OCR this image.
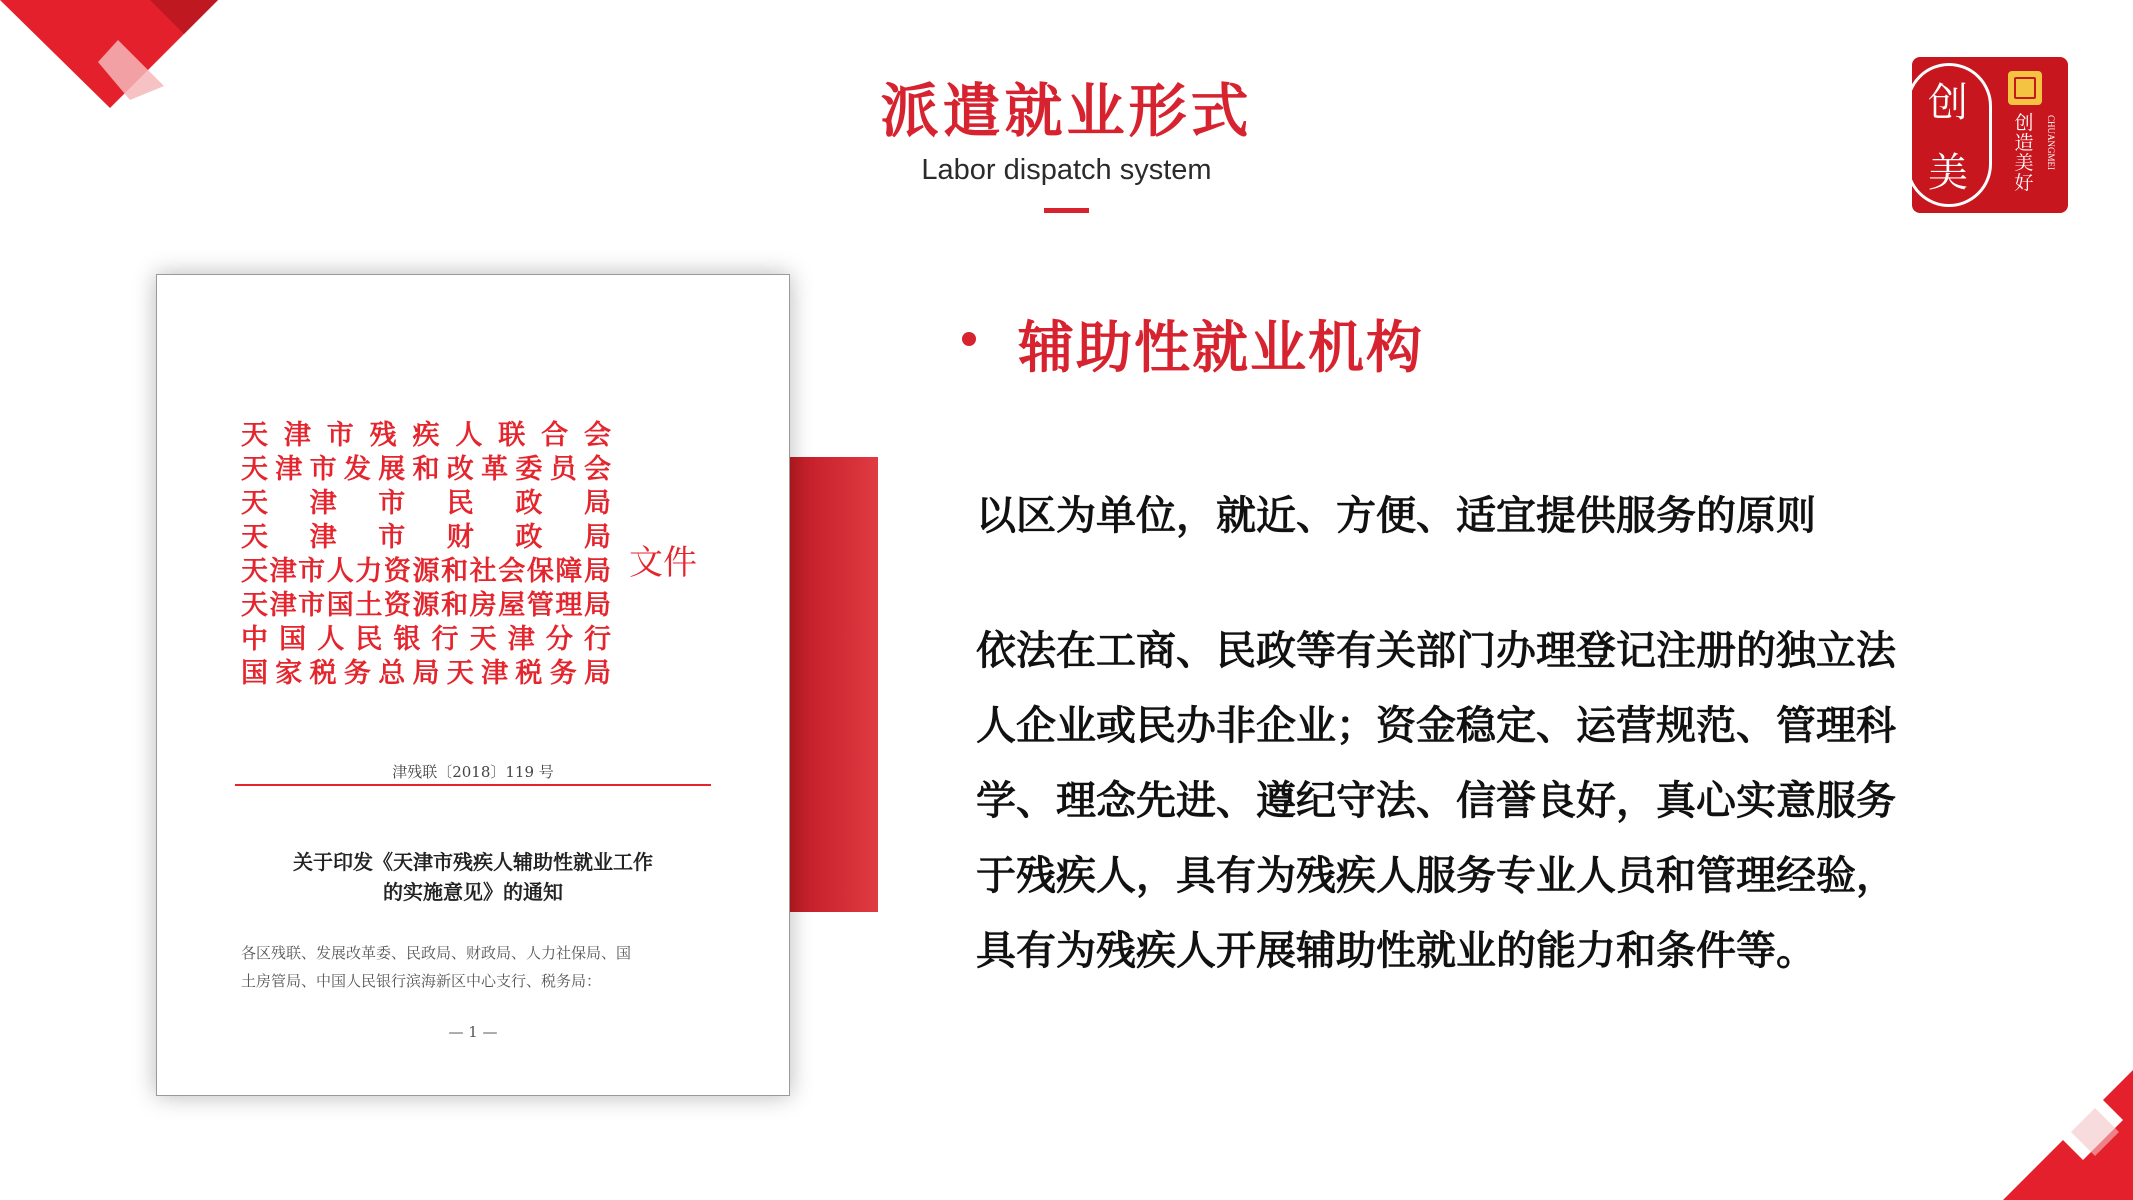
派遣就业形式
Labor dispatch system
创
美
创造美好
CHUANGMEI
天津市残疾人联合会
天津市发展和改革委员会
天津市民政局
天津市财政局
天津市人力资源和社会保障局
天津市国土资源和房屋管理局
中国人民银行天津分行
国家税务总局天津税务局
文件
津残联〔2018〕119 号
关于印发《天津市残疾人辅助性就业工作
的实施意见》的通知
各区残联、发展改革委、民政局、财政局、人力社保局、国
土房管局、中国人民银行滨海新区中心支行、税务局：
— 1 —
辅助性就业机构
以区为单位，就近、方便、适宜提供服务的原则
依法在工商、民政等有关部门办理登记注册的独立法
人企业或民办非企业；资金稳定、运营规范、管理科
学、理念先进、遵纪守法、信誉良好，真心实意服务
于残疾人，具有为残疾人服务专业人员和管理经验，
具有为残疾人开展辅助性就业的能力和条件等。
